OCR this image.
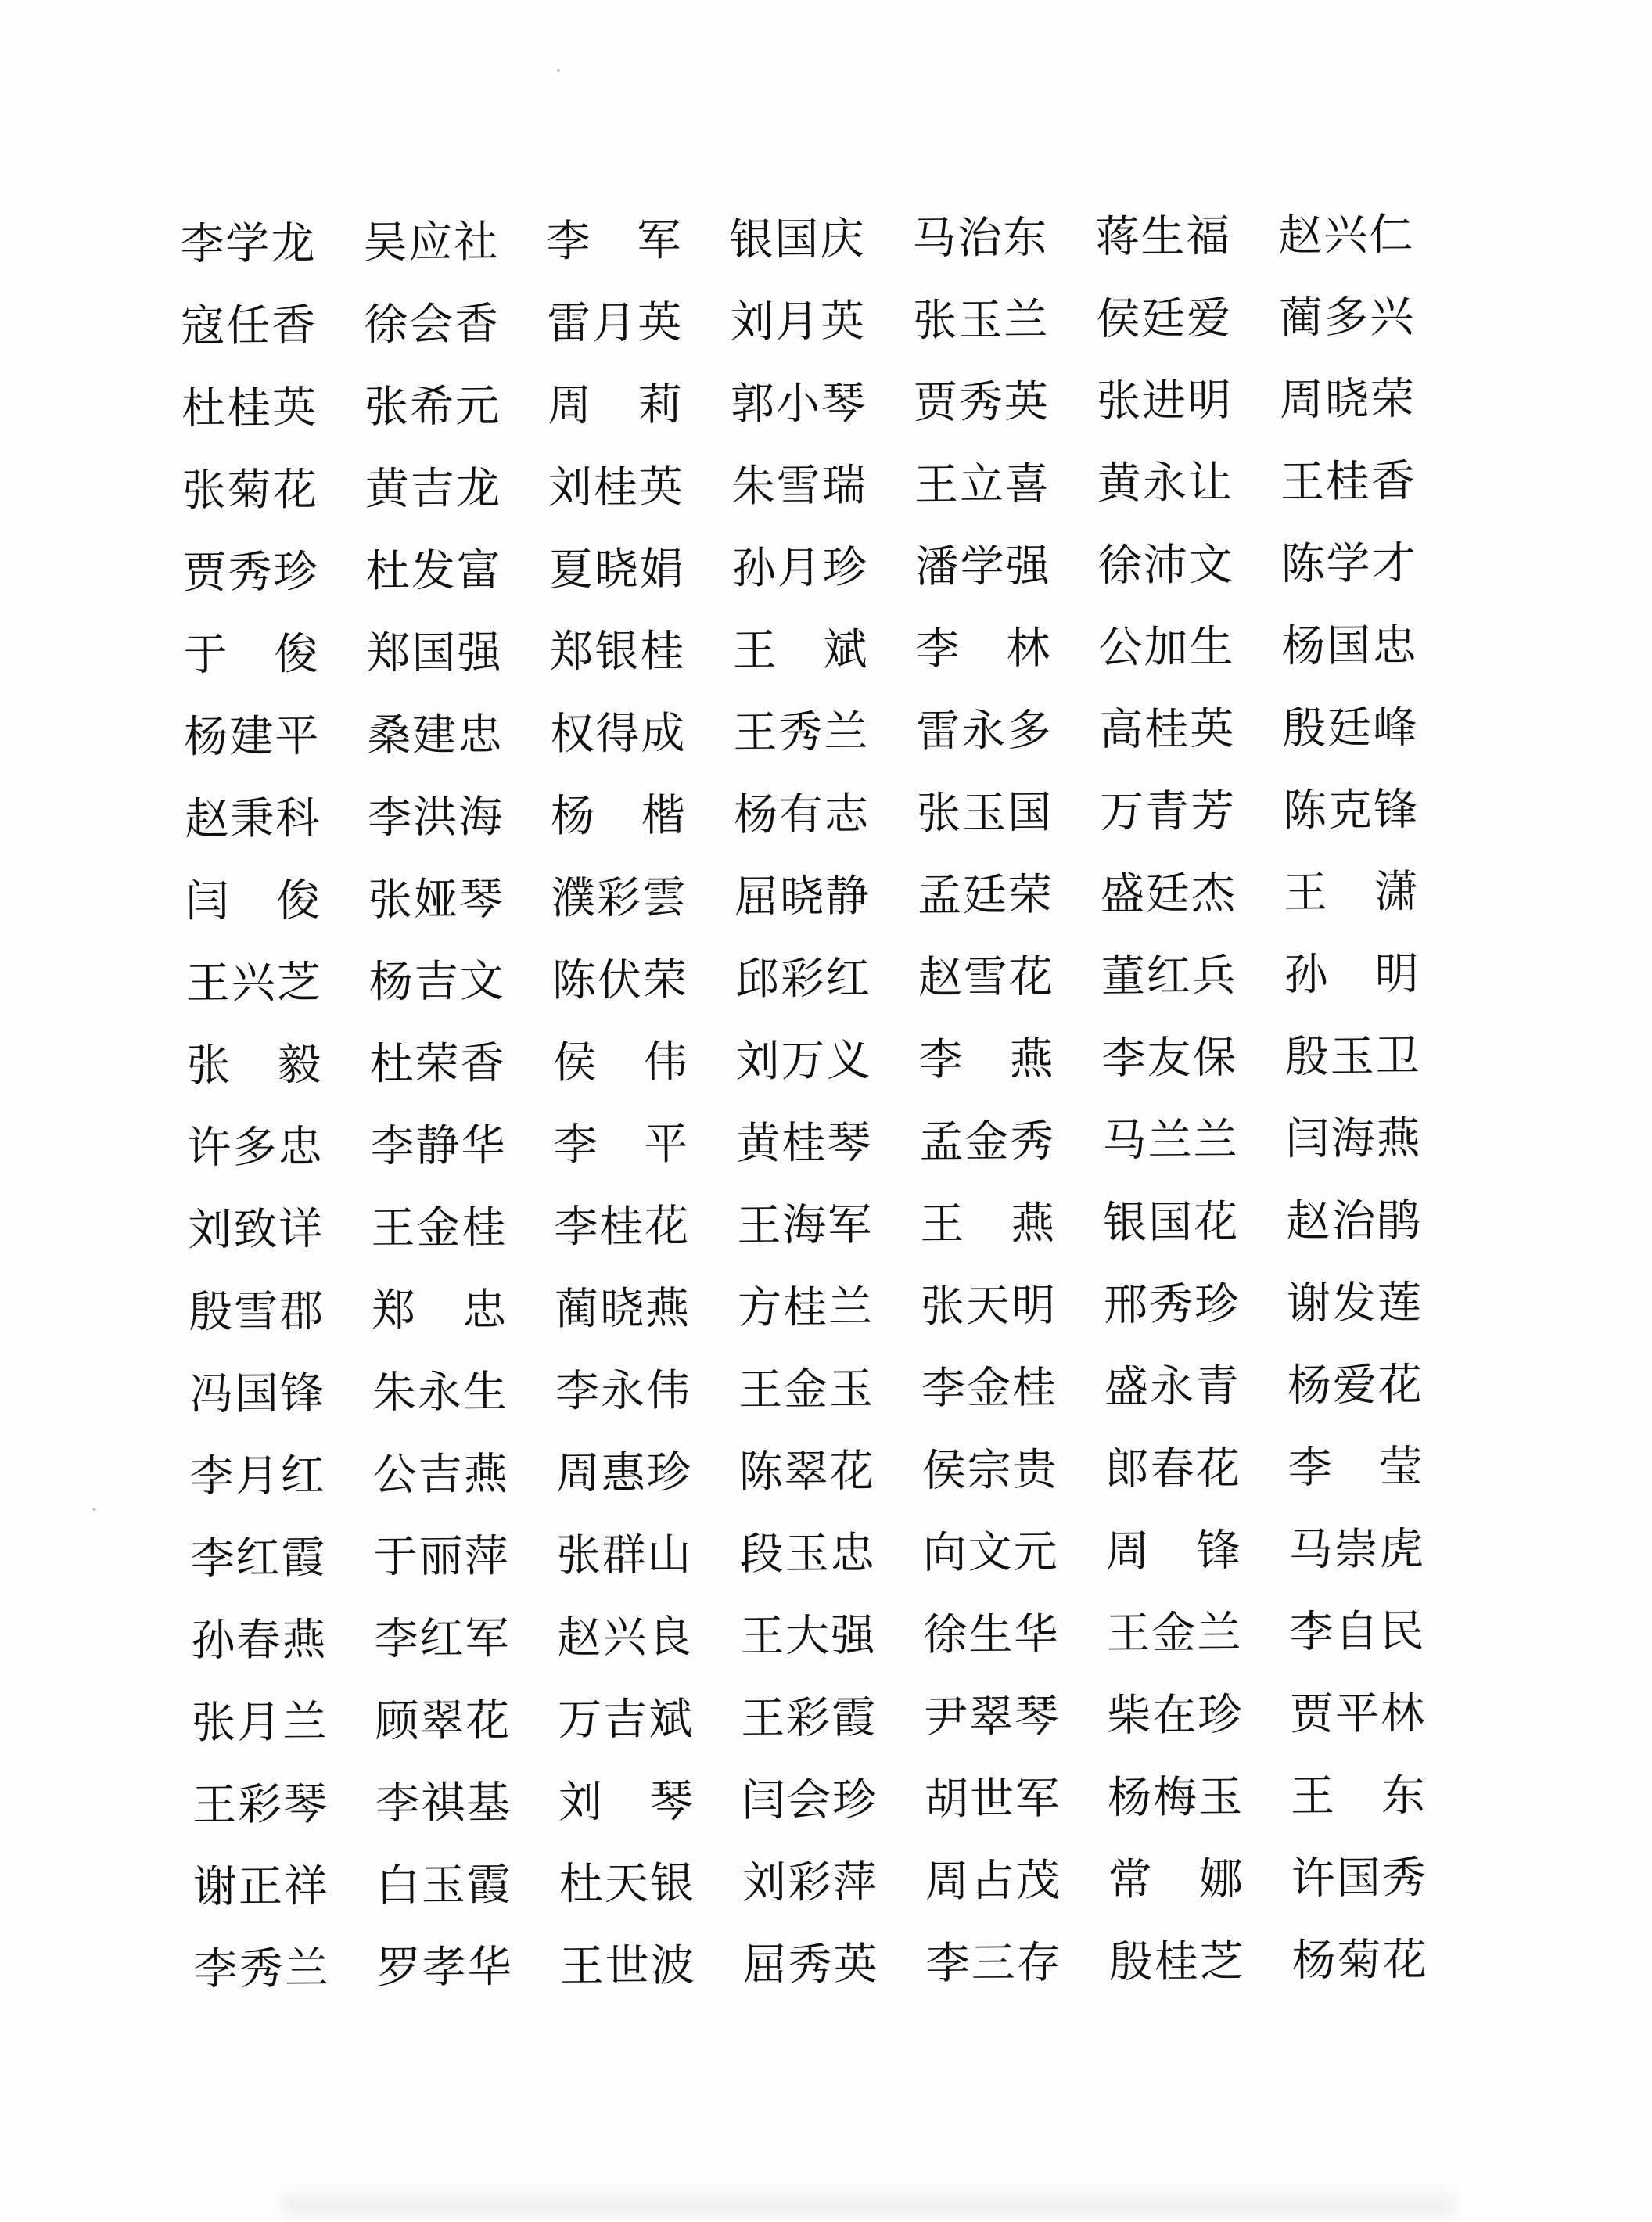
李学龙	吴应社	李　军	银国庆	马治东	蒋生福	赵兴仁
寇任香	徐会香	雷月英	刘月英	张玉兰	侯廷爱	蔺多兴
杜桂英	张希元	周　莉	郭小琴	贾秀英	张进明	周晓荣
张菊花	黄吉龙	刘桂英	朱雪瑞	王立喜	黄永让	王桂香
贾秀珍	杜发富	夏晓娟	孙月珍	潘学强	徐沛文	陈学才
于　俊	郑国强	郑银桂	王　斌	李　林	公加生	杨国忠
杨建平	桑建忠	权得成	王秀兰	雷永多	高桂英	殷廷峰
赵秉科	李洪海	杨　楷	杨有志	张玉国	万青芳	陈克锋
闫　俊	张娅琴	濮彩雲	屈晓静	孟廷荣	盛廷杰	王　潇
王兴芝	杨吉文	陈伏荣	邱彩红	赵雪花	董红兵	孙　明
张　毅	杜荣香	侯　伟	刘万义	李　燕	李友保	殷玉卫
许多忠	李静华	李　平	黄桂琴	孟金秀	马兰兰	闫海燕
刘致详	王金桂	李桂花	王海军	王　燕	银国花	赵治鹃
殷雪郡	郑　忠	蔺晓燕	方桂兰	张天明	邢秀珍	谢发莲
冯国锋	朱永生	李永伟	王金玉	李金桂	盛永青	杨爱花
李月红	公吉燕	周惠珍	陈翠花	侯宗贵	郎春花	李　莹
李红霞	于丽萍	张群山	段玉忠	向文元	周　锋	马崇虎
孙春燕	李红军	赵兴良	王大强	徐生华	王金兰	李自民
张月兰	顾翠花	万吉斌	王彩霞	尹翠琴	柴在珍	贾平林
王彩琴	李祺基	刘　琴	闫会珍	胡世军	杨梅玉	王　东
谢正祥	白玉霞	杜天银	刘彩萍	周占茂	常　娜	许国秀
李秀兰	罗孝华	王世波	屈秀英	李三存	殷桂芝	杨菊花
